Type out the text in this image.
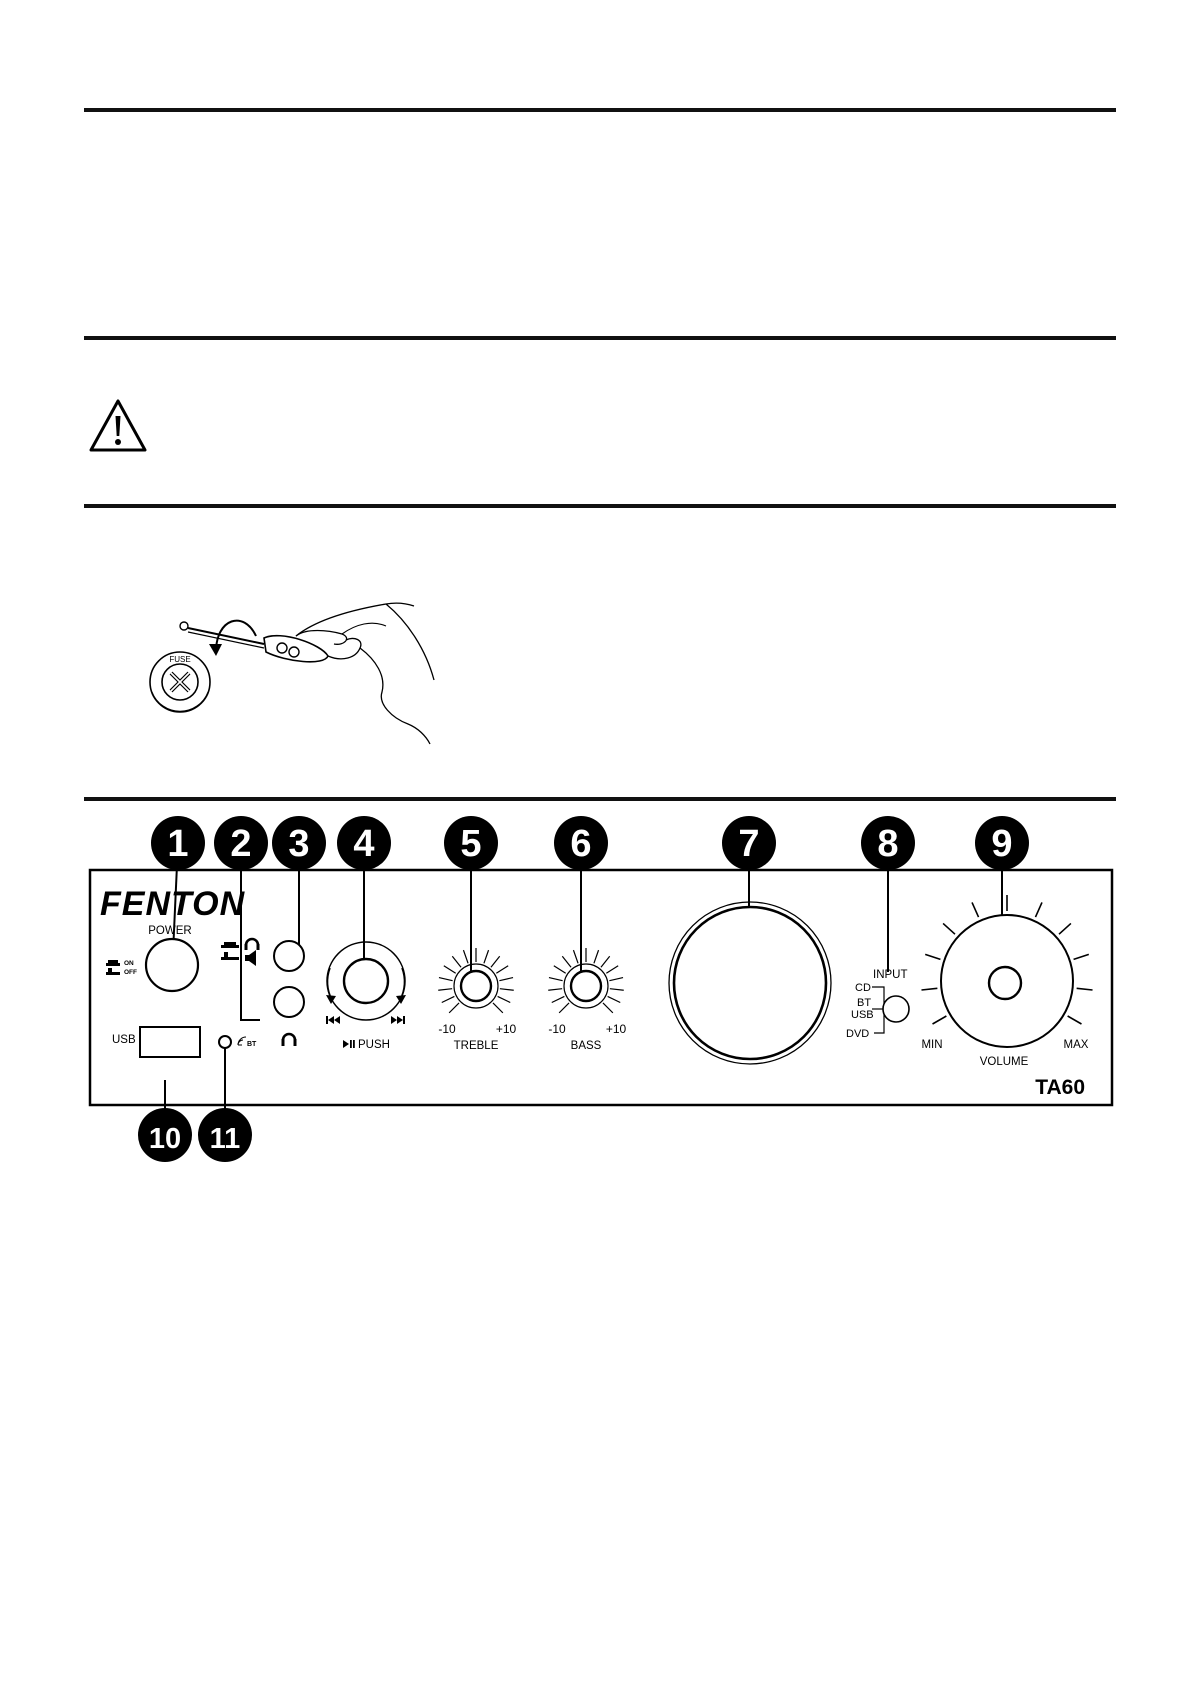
FUSE
FENTON
TA60
POWER
ON
OFF
USB	BT	PUSH
-10	+10
TREBLE
-10	+10
BASS
INPUT
CD
BT
USB
DVD
MIN	MAX
VOLUME
1 2 3 4 5 6	7	8 9
10 11
